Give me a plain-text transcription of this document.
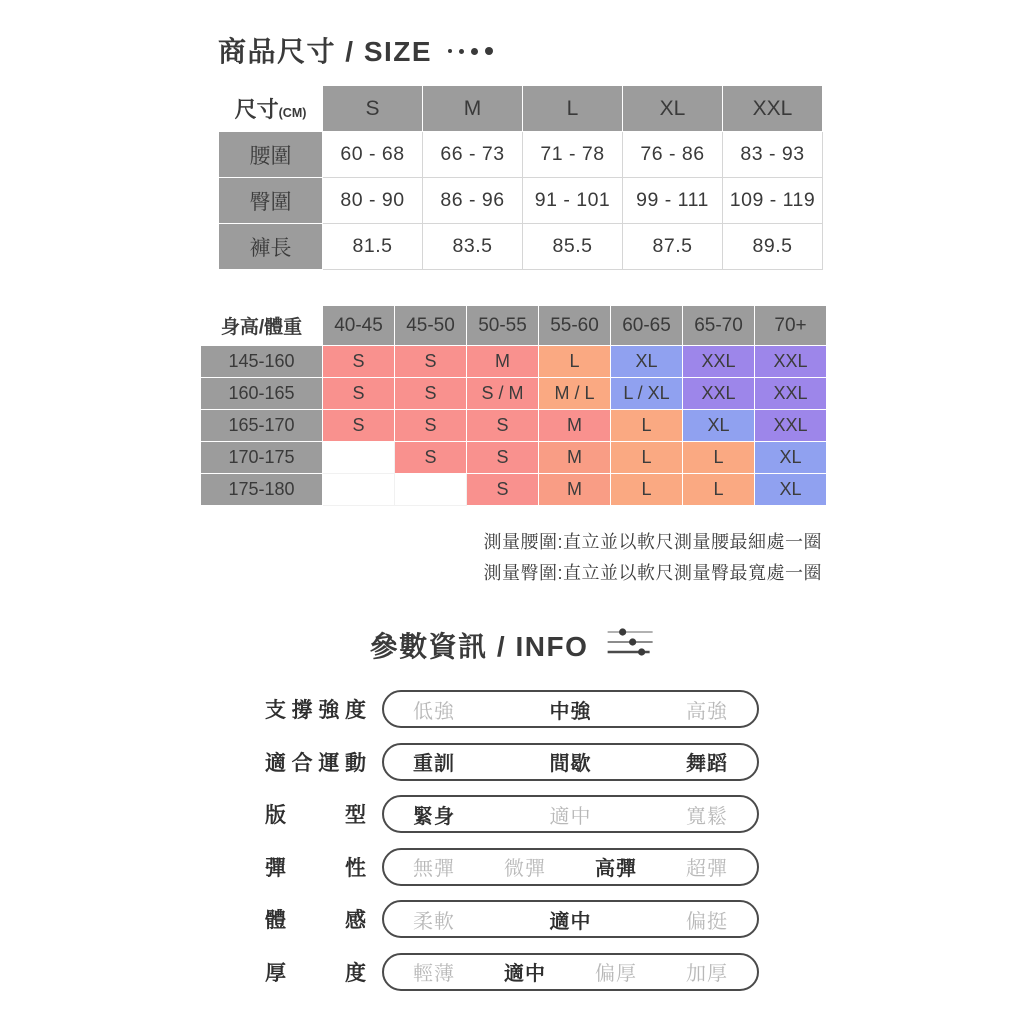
商品尺寸 / SIZE
尺寸(CM)	S	M	L	XL	XXL
腰圍	60 - 68	66 - 73	71 - 78	76 - 86	83 - 93
臀圍	80 - 90	86 - 96	91 - 101	99 - 111	109 - 119
褲長	81.5	83.5	85.5	87.5	89.5
身高/體重	40-45	45-50	50-55	55-60	60-65	65-70	70+
145-160	S	S	M	L	XL	XXL	XXL
160-165	S	S	S / M	M / L	L / XL	XXL	XXL
165-170	S	S	S	M	L	XL	XXL
170-175		S	S	M	L	L	XL
175-180			S	M	L	L	XL
測量腰圍:直立並以軟尺測量腰最細處一圈
測量臀圍:直立並以軟尺測量臀最寬處一圈
參數資訊 / INFO
支撐強度 低強	中強	高強
適合運動 重訓	間歇	舞蹈
版型 緊身	適中	寬鬆
彈性 無彈 微彈 高彈 超彈
體感 柔軟	適中	偏挺
厚度 輕薄 適中 偏厚 加厚
